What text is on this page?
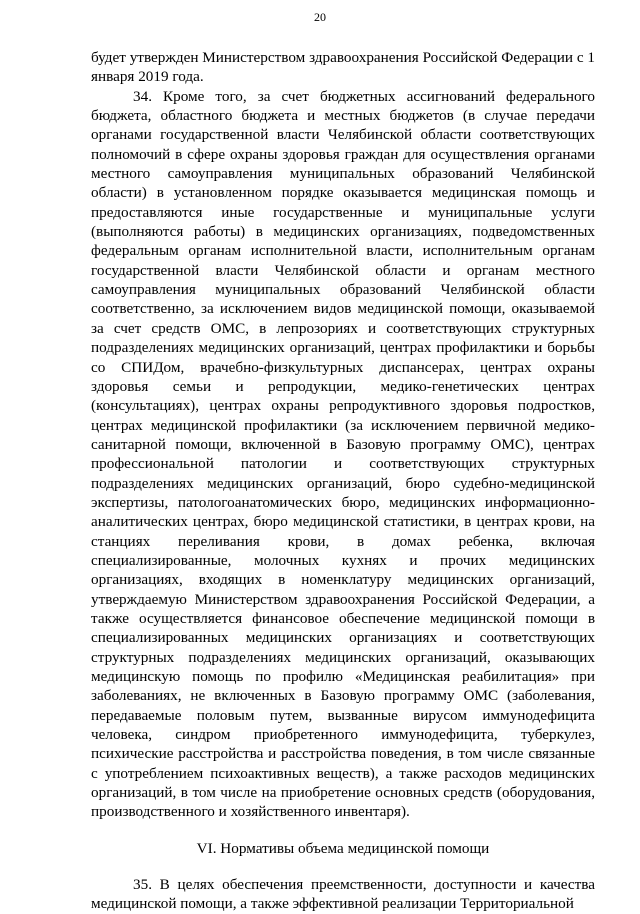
20

будет утвержден Министерством здравоохранения Российской Федерации с 1 января 2019 года.

34. Кроме того, за счет бюджетных ассигнований федерального бюджета, областного бюджета и местных бюджетов (в случае передачи органами государственной власти Челябинской области соответствующих полномочий в сфере охраны здоровья граждан для осуществления органами местного самоуправления муниципальных образований Челябинской области) в установленном порядке оказывается медицинская помощь и предоставляются иные государственные и муниципальные услуги (выполняются работы) в медицинских организациях, подведомственных федеральным органам исполнительной власти, исполнительным органам государственной власти Челябинской области и органам местного самоуправления муниципальных образований Челябинской области соответственно, за исключением видов медицинской помощи, оказываемой за счет средств ОМС, в лепрозориях и соответствующих структурных подразделениях медицинских организаций, центрах профилактики и борьбы со СПИДом, врачебно-физкультурных диспансерах, центрах охраны здоровья семьи и репродукции, медико-генетических центрах (консультациях), центрах охраны репродуктивного здоровья подростков, центрах медицинской профилактики (за исключением первичной медико-санитарной помощи, включенной в Базовую программу ОМС), центрах профессиональной патологии и соответствующих структурных подразделениях медицинских организаций, бюро судебно-медицинской экспертизы, патологоанатомических бюро, медицинских информационно-аналитических центрах, бюро медицинской статистики, в центрах крови, на станциях переливания крови, в домах ребенка, включая специализированные, молочных кухнях и прочих медицинских организациях, входящих в номенклатуру медицинских организаций, утверждаемую Министерством здравоохранения Российской Федерации, а также осуществляется финансовое обеспечение медицинской помощи в специализированных медицинских организациях и соответствующих структурных подразделениях медицинских организаций, оказывающих медицинскую помощь по профилю «Медицинская реабилитация» при заболеваниях, не включенных в Базовую программу ОМС (заболевания, передаваемые половым путем, вызванные вирусом иммунодефицита человека, синдром приобретенного иммунодефицита, туберкулез, психические расстройства и расстройства поведения, в том числе связанные с употреблением психоактивных веществ), а также расходов медицинских организаций, в том числе на приобретение основных средств (оборудования, производственного и хозяйственного инвентаря).

VI. Нормативы объема медицинской помощи

35. В целях обеспечения преемственности, доступности и качества медицинской помощи, а также эффективной реализации Территориальной
